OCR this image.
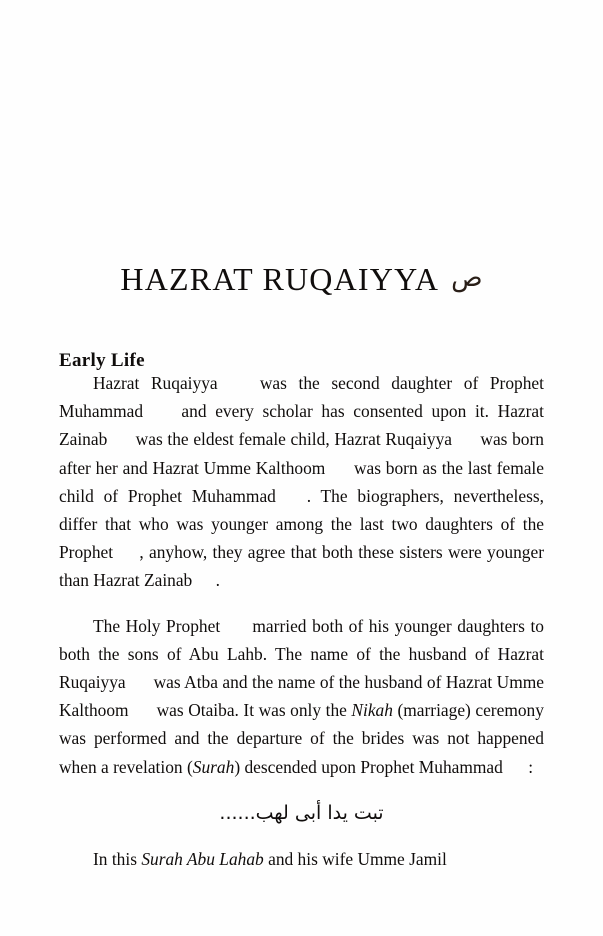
HAZRAT RUQAIYYA ص
Early Life

Hazrat Ruqaiyya was the second daughter of Prophet Muhammad and every scholar has consented upon it. Hazrat Zainab was the eldest female child, Hazrat Ruqaiyya was born after her and Hazrat Umme Kalthoom was born as the last female child of Prophet Muhammad . The biographers, nevertheless, differ that who was younger among the last two daughters of the Prophet , anyhow, they agree that both these sisters were younger than Hazrat Zainab .

The Holy Prophet married both of his younger daughters to both the sons of Abu Lahb. The name of the husband of Hazrat Ruqaiyya was Atba and the name of the husband of Hazrat Umme Kalthoom was Otaiba. It was only the Nikah (marriage) ceremony was performed and the departure of the brides was not happened when a revelation (Surah) descended upon Prophet Muhammad :

تبت يدا أبى لهب......

In this Surah Abu Lahab and his wife Umme Jamil
